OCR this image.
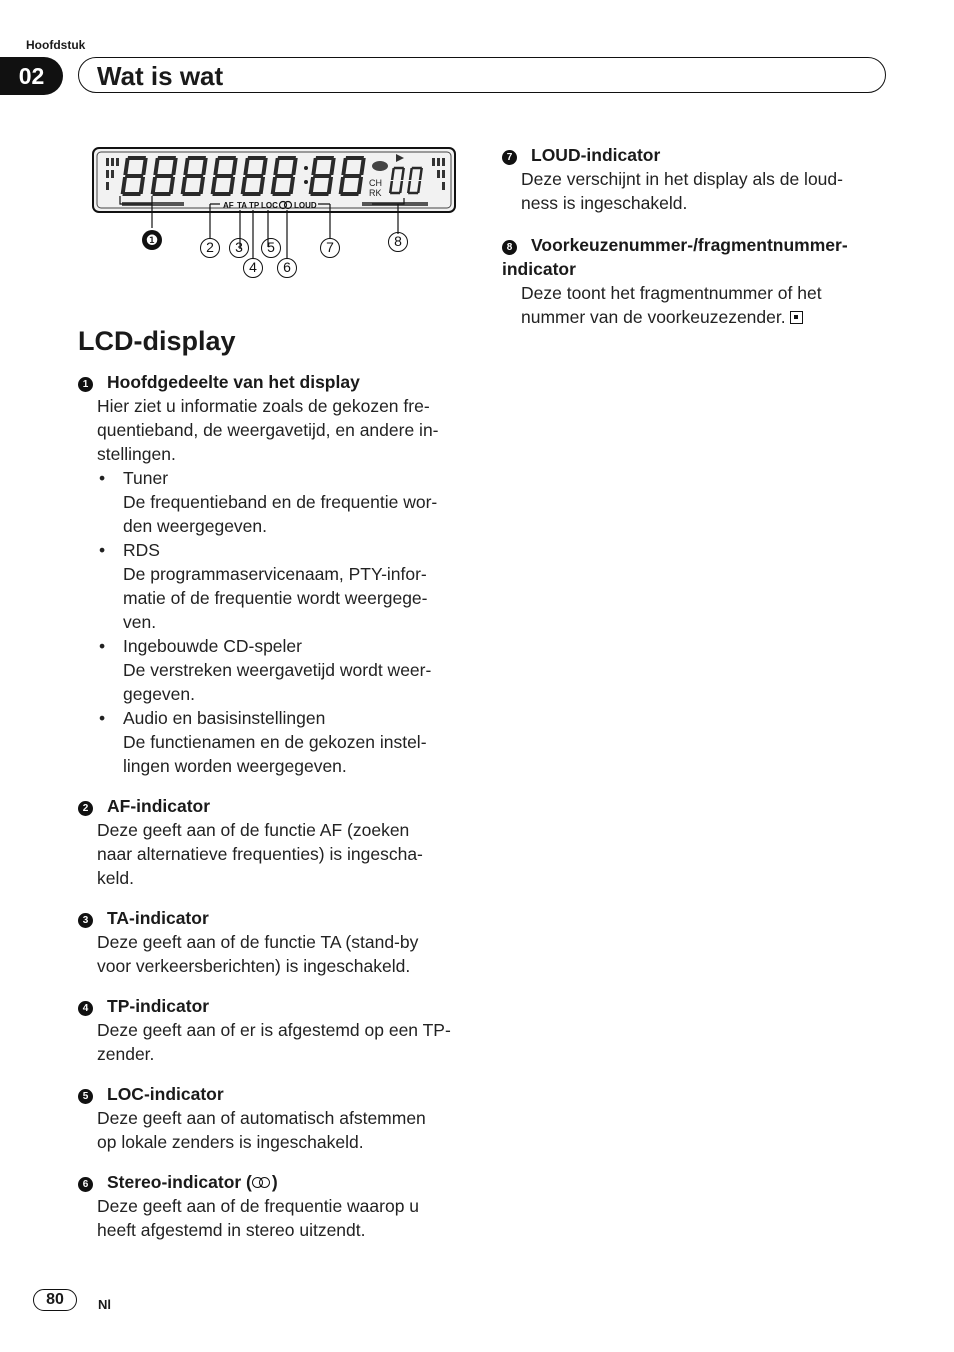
Hoofdstuk
02	Wat is wat
CH
RK
AF TA TP LOC LOUD
❶	2	3
4
5
6
7	8
LCD-display
1 Hoofdgedeelte van het display
Hier ziet u informatie zoals de gekozen fre-
quentieband, de weergavetijd, en andere in-
stellingen.
• Tuner
De frequentieband en de frequentie wor-
den weergegeven.
• RDS
De programmaservicenaam, PTY-infor-
matie of de frequentie wordt weergege-
ven.
• Ingebouwde CD-speler
De verstreken weergavetijd wordt weer-
gegeven.
• Audio en basisinstellingen
De functienamen en de gekozen instel-
lingen worden weergegeven.
2 AF-indicator
Deze geeft aan of de functie AF (zoeken
naar alternatieve frequenties) is ingescha-
keld.
3 TA-indicator
Deze geeft aan of de functie TA (stand-by
voor verkeersberichten) is ingeschakeld.
4 TP-indicator
Deze geeft aan of er is afgestemd op een TP-
zender.
5 LOC-indicator
Deze geeft aan of automatisch afstemmen
op lokale zenders is ingeschakeld.
6 Stereo-indicator ( )
Deze geeft aan of de frequentie waarop u
heeft afgestemd in stereo uitzendt.
7 LOUD-indicator
Deze verschijnt in het display als de loud-
ness is ingeschakeld.
8 Voorkeuzenummer-/fragmentnummer-
indicator
Deze toont het fragmentnummer of het
nummer van de voorkeuzezender.
80	Nl
